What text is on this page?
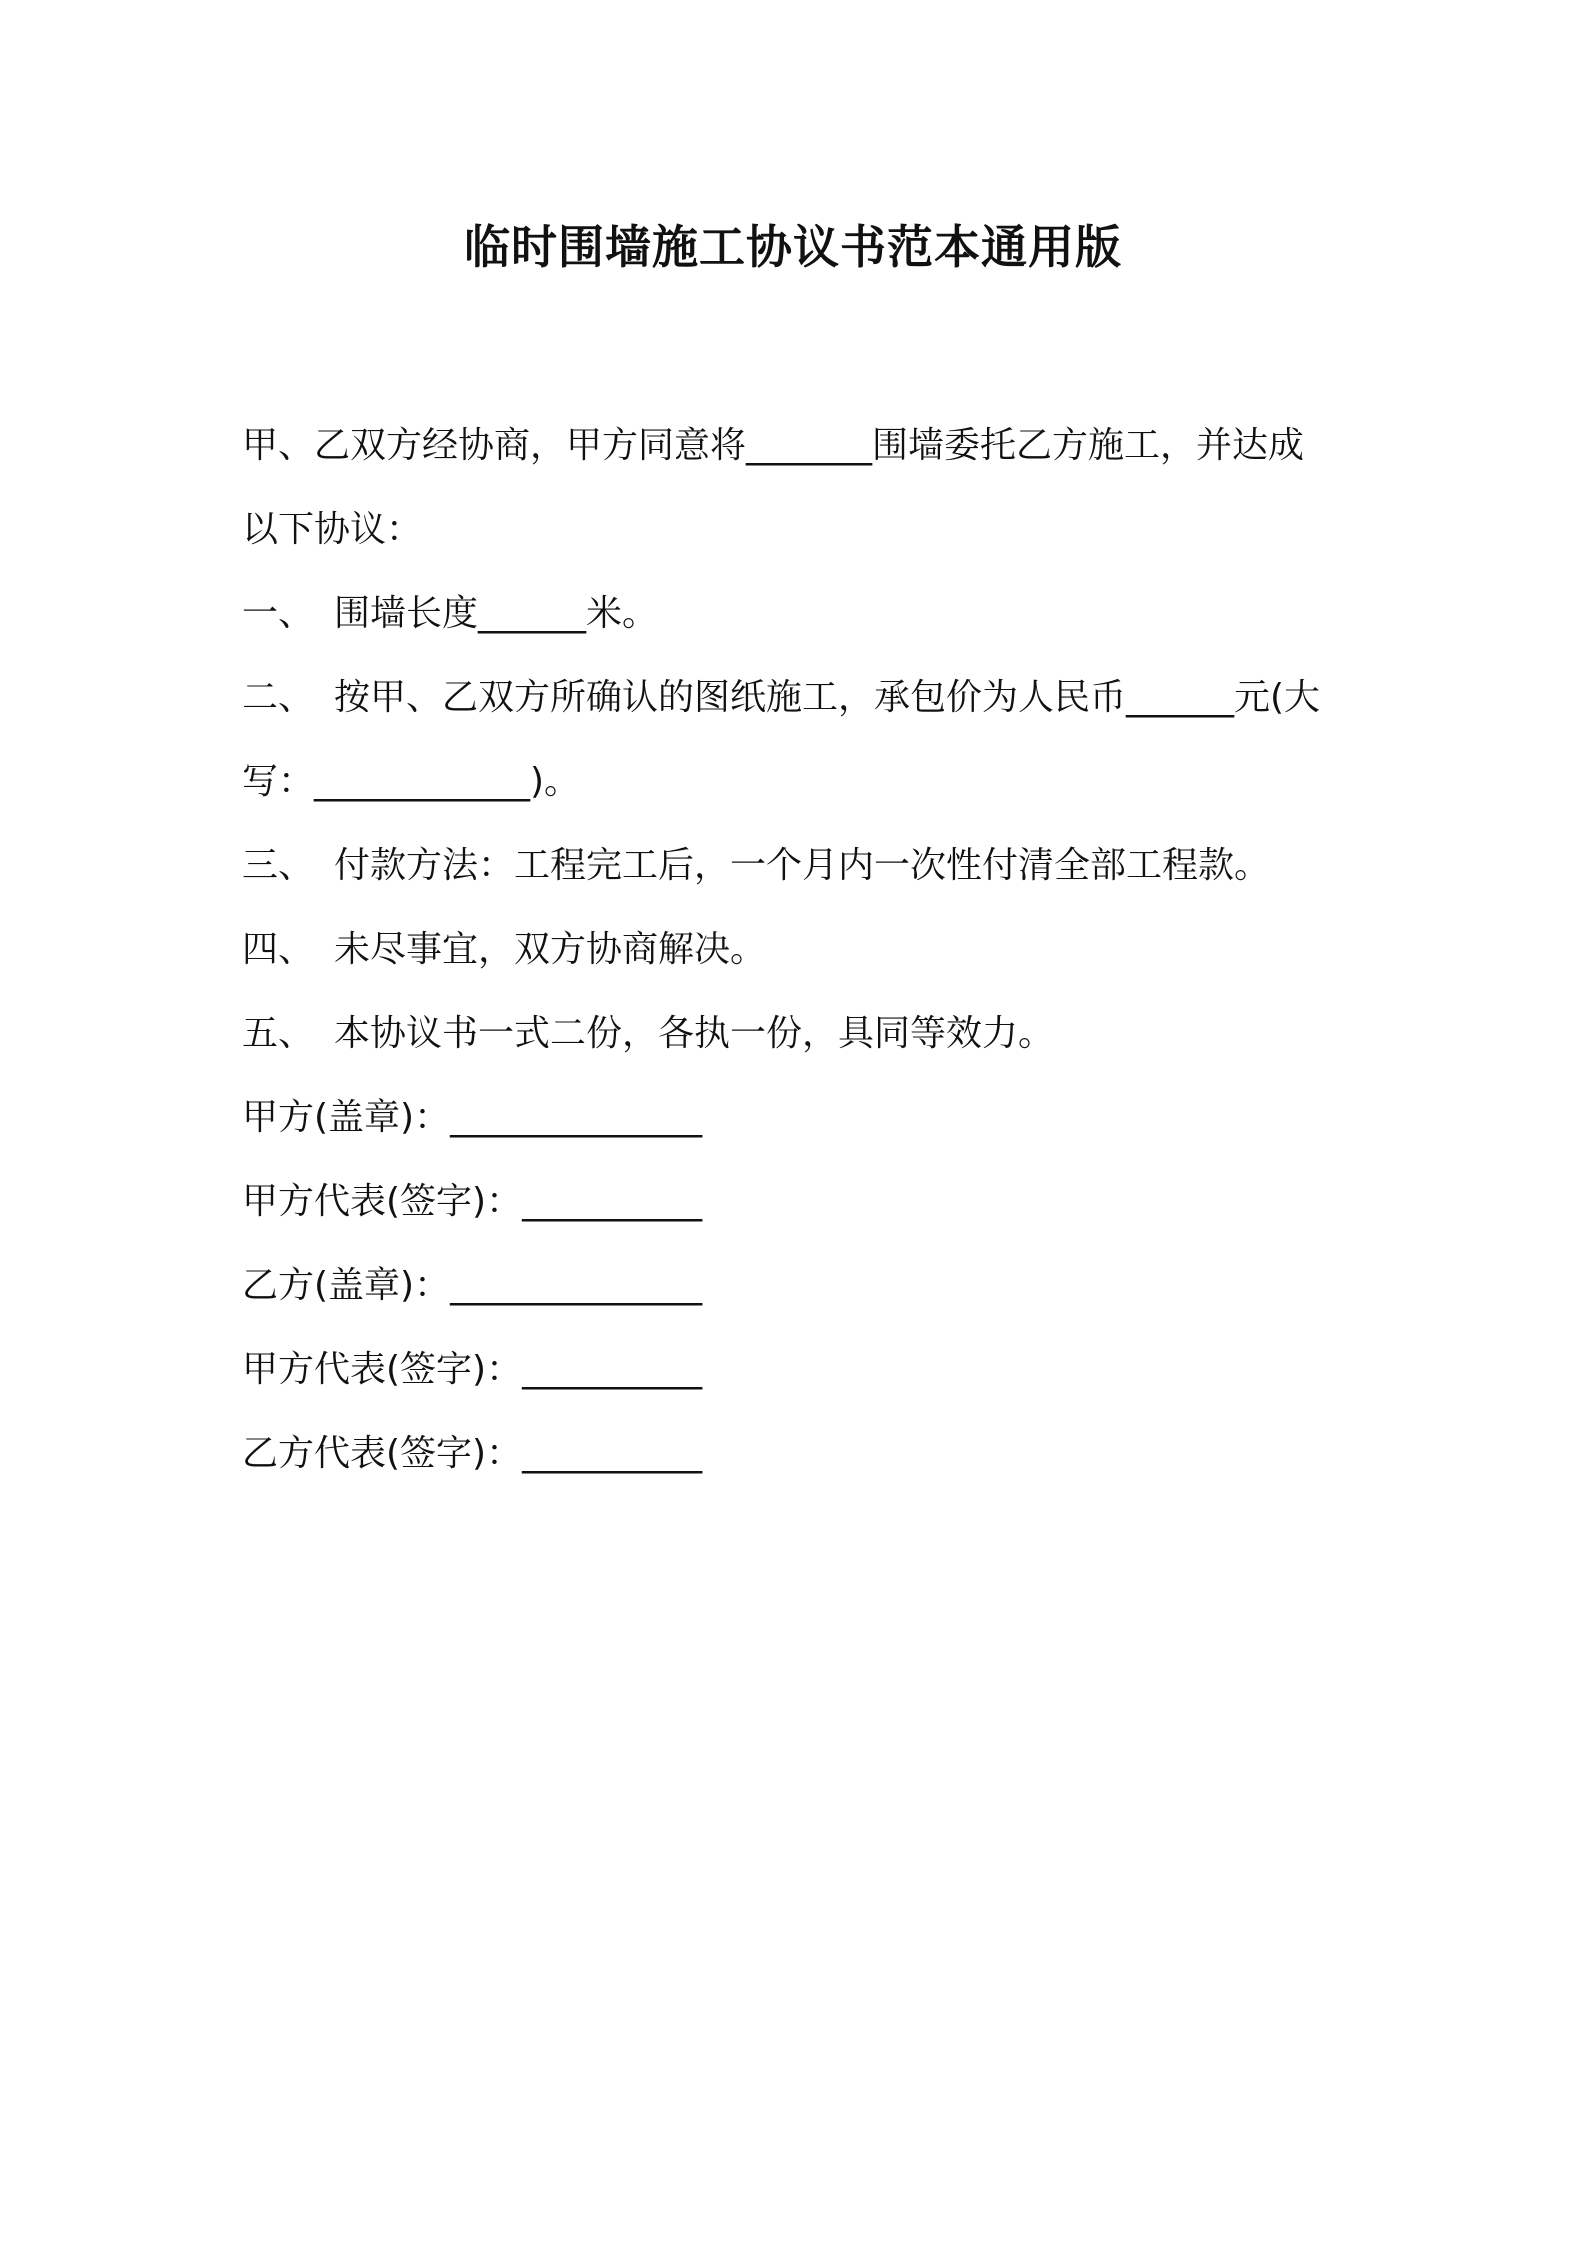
临时围墙施工协议书范本通用版
甲、乙双方经协商，甲方同意将_______围墙委托乙方施工，并达成
以下协议：
一、 围墙长度______米。
二、 按甲、乙双方所确认的图纸施工，承包价为人民币______元(大
写：____________)。
三、 付款方法：工程完工后，一个月内一次性付清全部工程款。
四、 未尽事宜，双方协商解决。
五、 本协议书一式二份，各执一份，具同等效力。
甲方(盖章)：______________
甲方代表(签字)：__________
乙方(盖章)：______________
甲方代表(签字)：__________
乙方代表(签字)：__________
